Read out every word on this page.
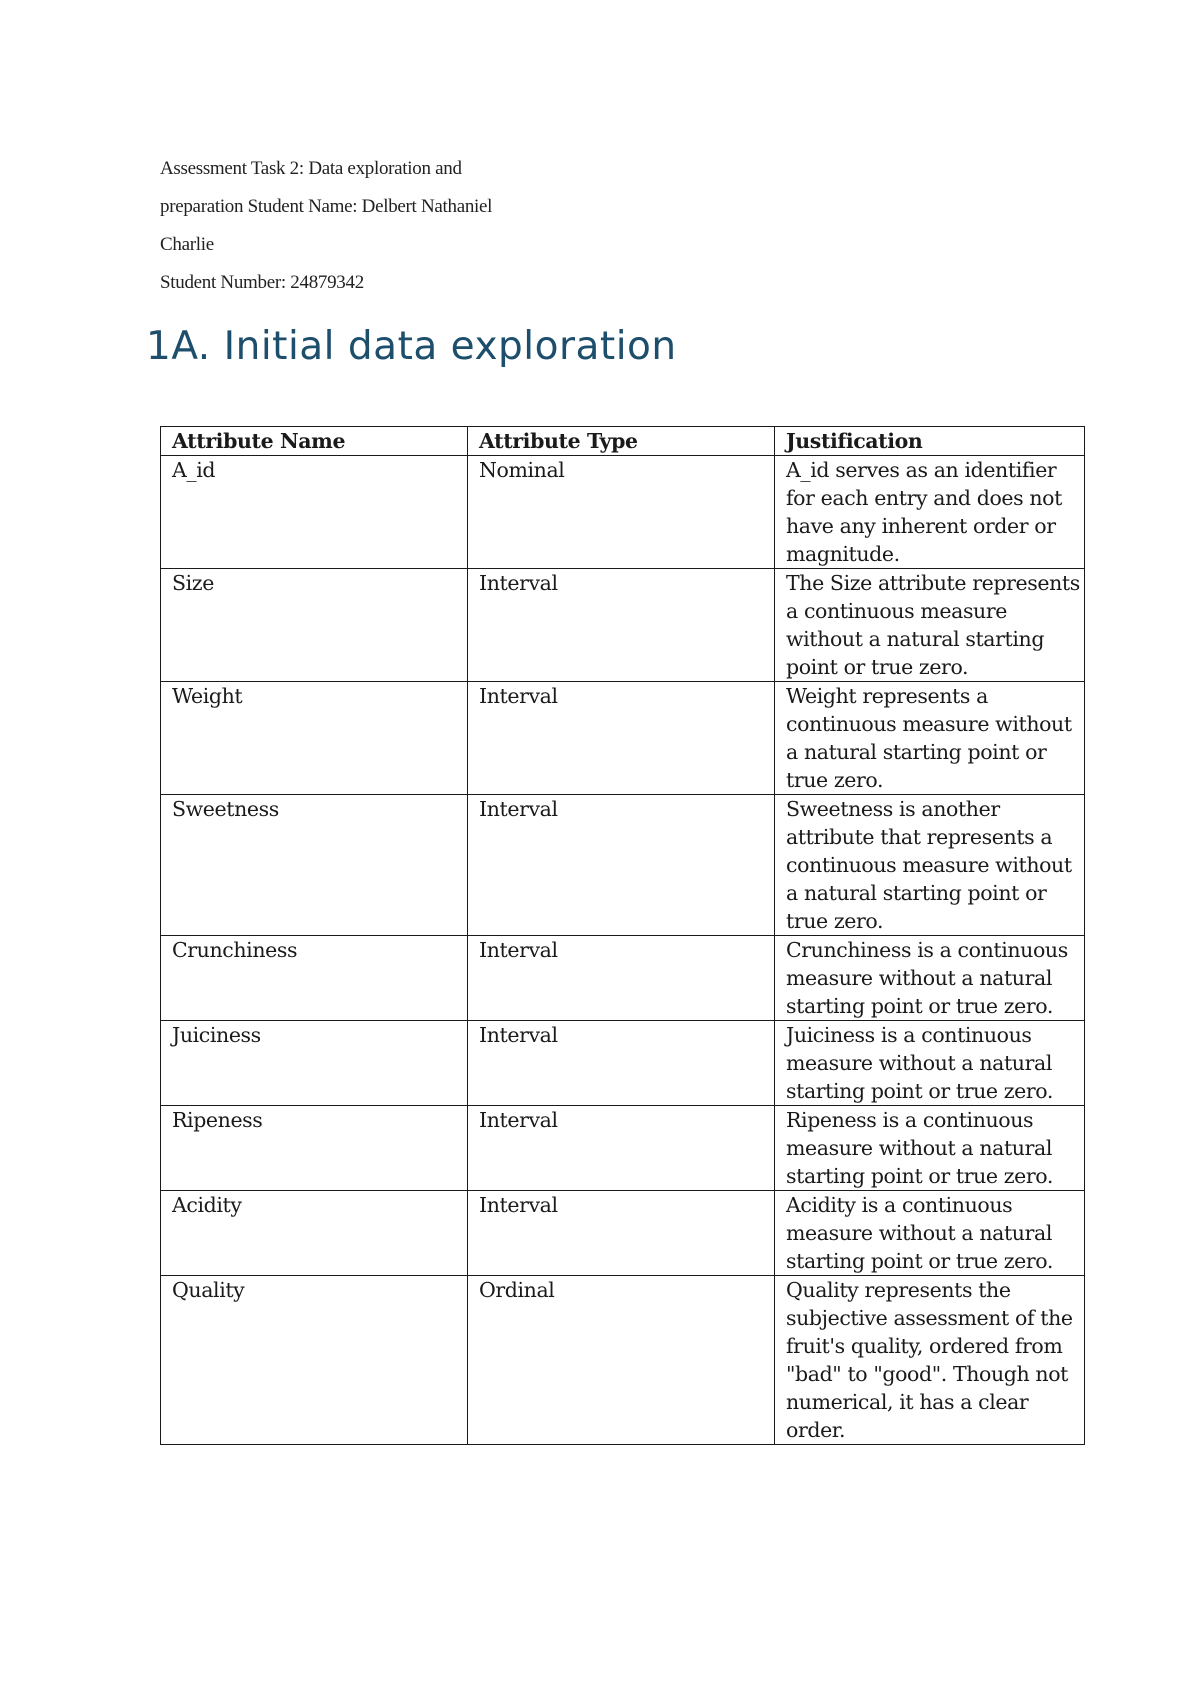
Assessment Task 2: Data exploration and
preparation Student Name: Delbert Nathaniel
Charlie
Student Number: 24879342
1A. Initial data exploration
Attribute Name	Attribute Type	Justification
A_id	Nominal	A_id serves as an identifier for each entry and does not have any inherent order or magnitude.
Size	Interval	The Size attribute represents a continuous measure without a natural starting point or true zero.
Weight	Interval	Weight represents a continuous measure without a natural starting point or true zero.
Sweetness	Interval	Sweetness is another attribute that represents a continuous measure without a natural starting point or true zero.
Crunchiness	Interval	Crunchiness is a continuous measure without a natural starting point or true zero.
Juiciness	Interval	Juiciness is a continuous measure without a natural starting point or true zero.
Ripeness	Interval	Ripeness is a continuous measure without a natural starting point or true zero.
Acidity	Interval	Acidity is a continuous measure without a natural starting point or true zero.
Quality	Ordinal	Quality represents the subjective assessment of the fruit's quality, ordered from "bad" to "good". Though not numerical, it has a clear order.
